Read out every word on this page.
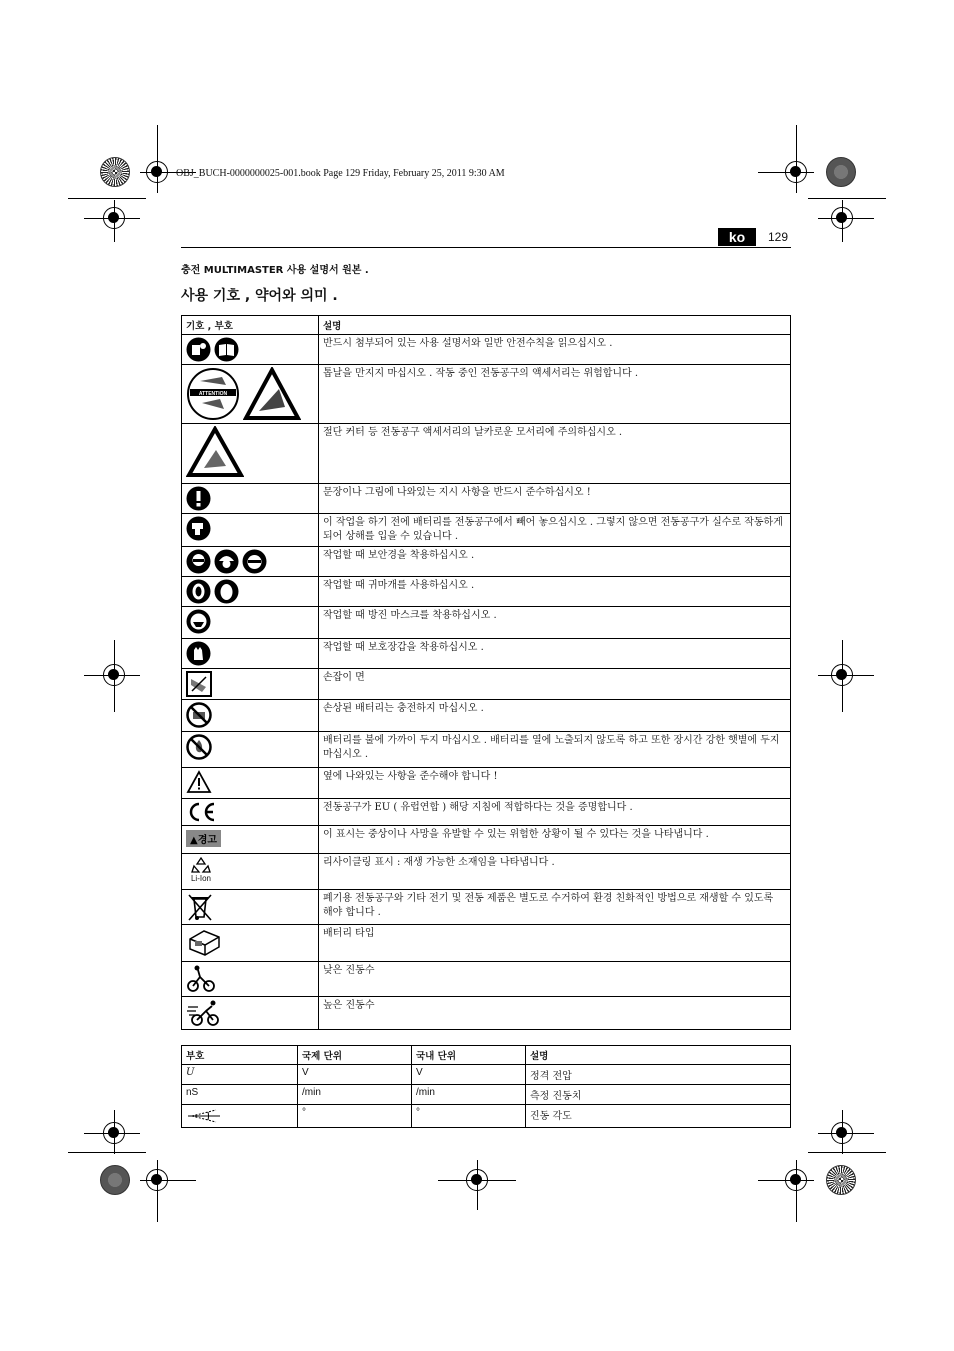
OBJ_BUCH-0000000025-001.book Page 129 Friday, February 25, 2011 9:30 AM
ko	129
충전 MULTIMASTER 사용 설명서 원본 .
사용 기호 , 약어와 의미 .
기호 , 부호	설명
	반드시 첨부되어 있는 사용 설명서와 일반 안전수칙을 읽으십시오 .

ATTENTION	톱날을 만지지 마십시오 . 작동 중인 전동공구의 액세서리는 위험합니다 .
	절단 커터 등 전동공구 액세서리의 날카로운 모서리에 주의하십시오 .
	문장이나 그림에 나와있는 지시 사항을 반드시 준수하십시오 !
	이 작업을 하기 전에 배터리를 전동공구에서 빼어 놓으십시오 . 그렇지 않으면 전동공구가 실수로 작동하게 되어 상해를 입을 수 있습니다 .
	작업할 때 보안경을 착용하십시오 .
	작업할 때 귀마개를 사용하십시오 .
	작업할 때 방진 마스크를 착용하십시오 .
	작업할 때 보호장갑을 착용하십시오 .
	손잡이 면
	손상된 배터리는 충전하지 마십시오 .
	배터리를 불에 가까이 두지 마십시오 . 배터리를 열에 노출되지 않도록 하고 또한 장시간 강한 햇볕에 두지 마십시오 .
	옆에 나와있는 사항을 준수해야 합니다 !
	전동공구가 EU ( 유럽연합 ) 해당 지침에 적합하다는 것을 증명합니다 .
▲경고	이 표시는 중상이나 사망을 유발할 수 있는 위험한 상황이 될 수 있다는 것을 나타냅니다 .

Li-Ion	리사이클링 표시 : 재생 가능한 소재임을 나타냅니다 .
	폐기용 전동공구와 기타 전기 및 전동 제품은 별도로 수거하여 환경 친화적인 방법으로 재생할 수 있도록 해야 합니다 .
	배터리 타입
	낮은 진동수
	높은 진동수
부호	국제 단위	국내 단위	설명
U	V	V	정격 전압
nS	/min	/min	측정 진동치
	°	°	진동 각도
